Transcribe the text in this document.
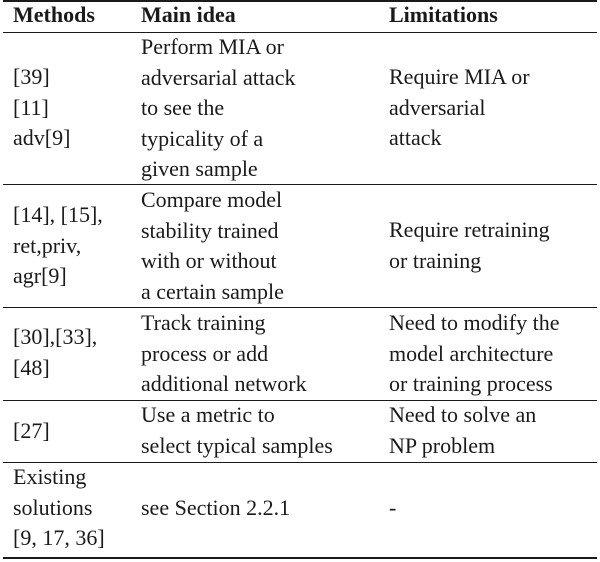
Methods Main idea	Limitations
[39]
[11]
adv[9]
Perform MIA or
adversarial attack
to see the
typicality of a
given sample
Require MIA or
adversarial
attack
[14], [15],
ret,priv,
agr[9]
Compare model
stability trained
with or without
a certain sample
Require retraining
or training
[30],[33],
[48]
Track training
process or add
additional network
Need to modify the
model architecture
or training process
[27]
Use a metric to
select typical samples
Need to solve an
NP problem
Existing
solutions
[9, 17, 36]
see Section 2.2.1	-
